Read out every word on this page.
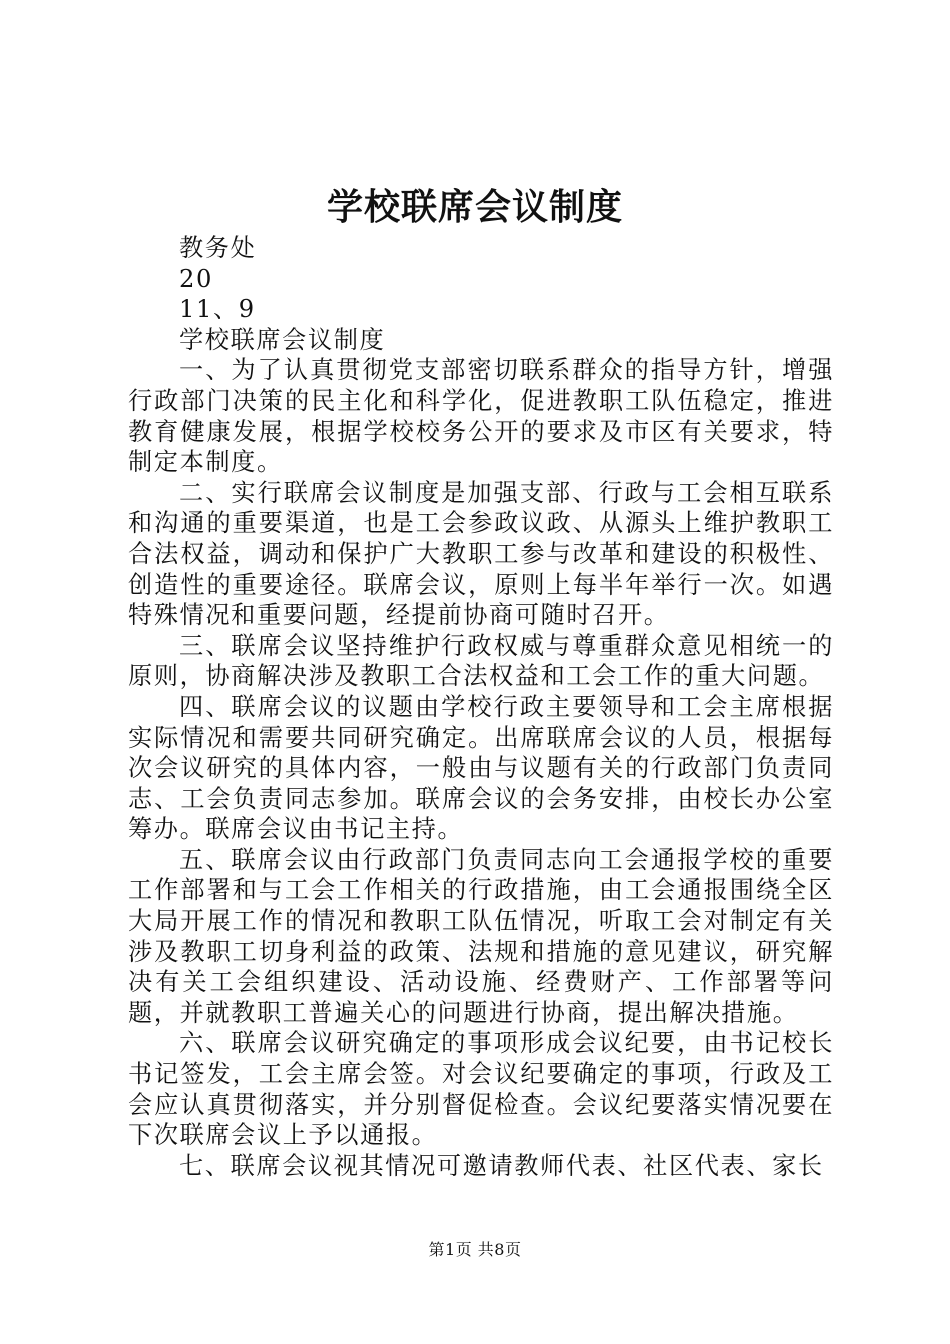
学校联席会议制度

教务处

20

11、9

学校联席会议制度

一、为了认真贯彻党支部密切联系群众的指导方针，增强行政部门决策的民主化和科学化，促进教职工队伍稳定，推进教育健康发展，根据学校校务公开的要求及市区有关要求，特制定本制度。

二、实行联席会议制度是加强支部、行政与工会相互联系和沟通的重要渠道，也是工会参政议政、从源头上维护教职工合法权益，调动和保护广大教职工参与改革和建设的积极性、创造性的重要途径。联席会议，原则上每半年举行一次。如遇特殊情况和重要问题，经提前协商可随时召开。

三、联席会议坚持维护行政权威与尊重群众意见相统一的原则，协商解决涉及教职工合法权益和工会工作的重大问题。

四、联席会议的议题由学校行政主要领导和工会主席根据实际情况和需要共同研究确定。出席联席会议的人员，根据每次会议研究的具体内容，一般由与议题有关的行政部门负责同志、工会负责同志参加。联席会议的会务安排，由校长办公室筹办。联席会议由书记主持。

五、联席会议由行政部门负责同志向工会通报学校的重要工作部署和与工会工作相关的行政措施，由工会通报围绕全区大局开展工作的情况和教职工队伍情况，听取工会对制定有关涉及教职工切身利益的政策、法规和措施的意见建议，研究解决有关工会组织建设、活动设施、经费财产、工作部署等问题，并就教职工普遍关心的问题进行协商，提出解决措施。

六、联席会议研究确定的事项形成会议纪要，由书记校长书记签发，工会主席会签。对会议纪要确定的事项，行政及工会应认真贯彻落实，并分别督促检查。会议纪要落实情况要在下次联席会议上予以通报。

七、联席会议视其情况可邀请教师代表、社区代表、家长

第1页 共8页
